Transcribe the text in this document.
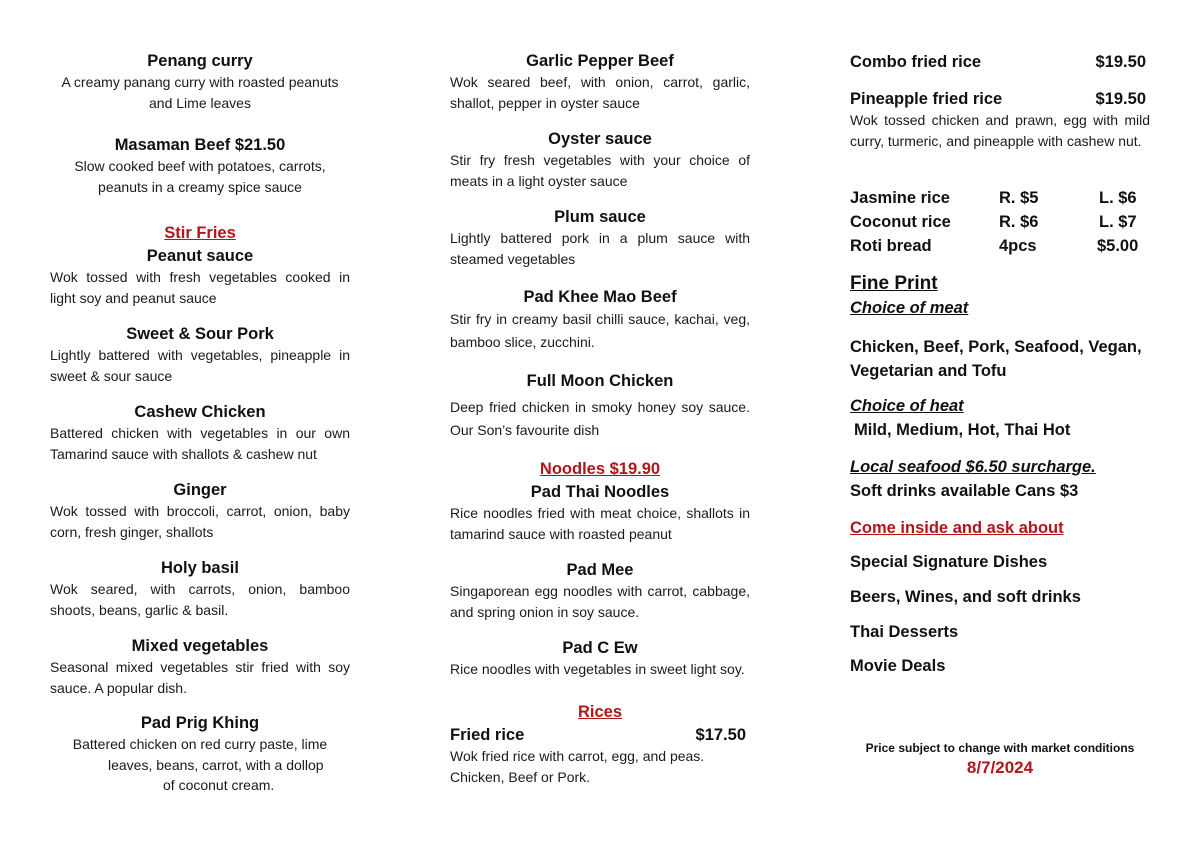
Penang curry
A creamy panang curry with roasted peanuts and Lime leaves
Masaman Beef $21.50
Slow cooked beef with potatoes, carrots, peanuts in a creamy spice sauce
Stir Fries
Peanut sauce
Wok tossed with fresh vegetables cooked in light soy and peanut sauce
Sweet & Sour Pork
Lightly battered with vegetables, pineapple in sweet & sour sauce
Cashew Chicken
Battered chicken with vegetables in our own Tamarind sauce with shallots & cashew nut
Ginger
Wok tossed with broccoli, carrot, onion, baby corn, fresh ginger, shallots
Holy basil
Wok seared, with carrots, onion, bamboo shoots, beans, garlic & basil.
Mixed vegetables
Seasonal mixed vegetables stir fried with soy sauce. A popular dish.
Pad Prig Khing
Battered chicken on red curry paste, lime
leaves, beans, carrot, with a dollop
of coconut cream.
Garlic Pepper Beef
Wok seared beef, with onion, carrot, garlic, shallot, pepper in oyster sauce
Oyster sauce
Stir fry fresh vegetables with your choice of meats in a light oyster sauce
Plum sauce
Lightly battered pork in a plum sauce with steamed vegetables
Pad Khee Mao Beef
Stir fry in creamy basil chilli sauce, kachai, veg, bamboo slice, zucchini.
Full Moon Chicken
Deep fried chicken in smoky honey soy sauce. Our Son’s favourite dish
Noodles $19.90
Pad Thai Noodles
Rice noodles fried with meat choice, shallots in tamarind sauce with roasted peanut
Pad Mee
Singaporean egg noodles with carrot, cabbage, and spring onion in soy sauce.
Pad C Ew
Rice noodles with vegetables in sweet light soy.
Rices
Fried rice	$17.50
Wok fried rice with carrot, egg, and peas. Chicken, Beef or Pork.
Combo fried rice	$19.50
Pineapple fried rice	$19.50
Wok tossed chicken and prawn, egg with mild curry, turmeric, and pineapple with cashew nut.
Jasmine rice	R. $5	L. $6
Coconut rice	R. $6	L. $7
Roti bread	4pcs	$5.00
Fine Print
Choice of meat
Chicken, Beef, Pork, Seafood, Vegan, Vegetarian and Tofu
Choice of heat
Mild, Medium, Hot, Thai Hot
Local seafood $6.50 surcharge.
Soft drinks available Cans $3
Come inside and ask about
Special Signature Dishes
Beers, Wines, and soft drinks
Thai Desserts
Movie Deals
Price subject to change with market conditions
8/7/2024
